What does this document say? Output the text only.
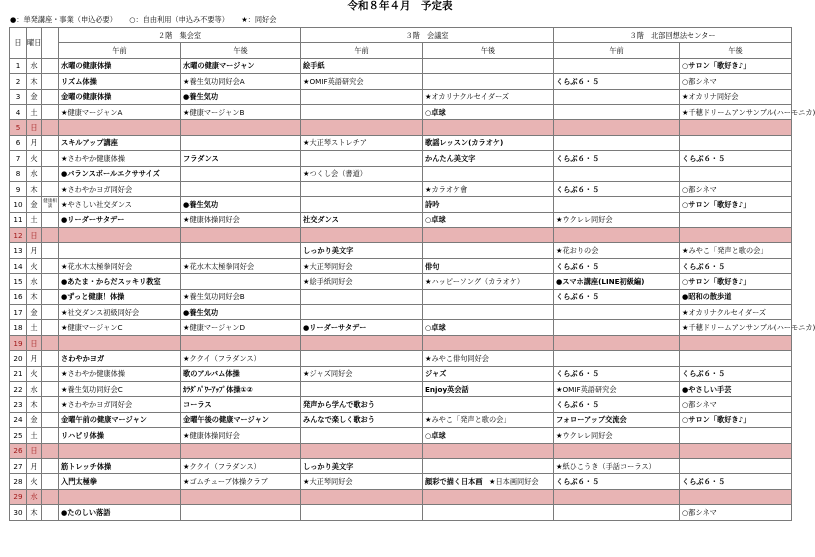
令和８年４月　予定表
●：単発講座・事業（申込必要） ○：自由利用（申込み不要等） ★：同好会
日	曜日		２階　集会室		３階　会議室		３階　北部回想法センター	
			午前	午後	午前	午後	午前	午後
1	水		水曜の健康体操	水曜の健康マージャン	絵手紙			○サロン「歌好き♪」
2	木		リズム体操	★養生気功同好会A	★OMIF英語研究会		くらぶ６・５	○都シネマ
3	金		金曜の健康体操	●養生気功		★オカリナクルセイダーズ		★オカリナ同好会
4	土		★健康マージャンA	★健康マージャンB		○卓球		★千穂ドリームアンサンブル(ハーモニカ)
5	日							
6	月		スキルアップ講座		★大正琴ストレチア	歌謡レッスン(カラオケ)		
7	火		★さわやか健康体操	フラダンス		かんたん美文字	くらぶ６・５	くらぶ６・５
8	水		●バランスボールエクササイズ		★つくし会（書道）			
9	木		★さわやかヨガ同好会			★カラオケ會	くらぶ６・５	○都シネマ
10	金	健康相談	★やさしい社交ダンス	●養生気功		詩吟		○サロン「歌好き♪」
11	土		●リーダーサタデー	★健康体操同好会	社交ダンス	○卓球	★ウクレレ同好会	
12	日							
13	月				しっかり美文字		★花おりの会	★みやこ「発声と歌の会」
14	火		★花水木太極拳同好会	★花水木太極拳同好会	★大正琴同好会	俳句	くらぶ６・５	くらぶ６・５
15	水		●あたま・からだスッキリ教室		★絵手紙同好会	★ハッピーソング（カラオケ）	●スマホ講座(LINE初級編)	○サロン「歌好き♪」
16	木		●ずっと健康！体操	★養生気功同好会B			くらぶ６・５	●昭和の散歩道
17	金		★社交ダンス初級同好会	●養生気功				★オカリナクルセイダーズ
18	土		★健康マージャンC	★健康マージャンD	●リーダーサタデー	○卓球		★千穂ドリームアンサンブル(ハーモニカ)
19	日							
20	月		さわやかヨガ	★ククイ（フラダンス）		★みやこ俳句同好会		
21	火		★さわやか健康体操	歌のアルバム体操	★ジャズ同好会	ジャズ	くらぶ６・５	くらぶ６・５
22	水		★養生気功同好会C	ｶﾗﾀﾞﾊﾟﾜｰｱｯﾌﾟ体操①②		Enjoy英会話	★OMIF英語研究会	●やさしい手芸
23	木		★さわやかヨガ同好会	コーラス	発声から学んで歌おう		くらぶ６・５	○都シネマ
24	金		金曜午前の健康マージャン	金曜午後の健康マージャン	みんなで楽しく歌おう	★みやこ「発声と歌の会」	フォローアップ交流会	○サロン「歌好き♪」
25	土		リハビリ体操	★健康体操同好会		○卓球	★ウクレレ同好会	
26	日							
27	月		筋トレッチ体操	★ククイ（フラダンス）	しっかり美文字		★紙ひこうき（手話コーラス）	
28	火		入門太極拳	★ゴムチューブ体操クラブ	★大正琴同好会	顔彩で描く日本画 ★日本画同好会	くらぶ６・５	くらぶ６・５
29	水							
30	木		●たのしい落語					○都シネマ
